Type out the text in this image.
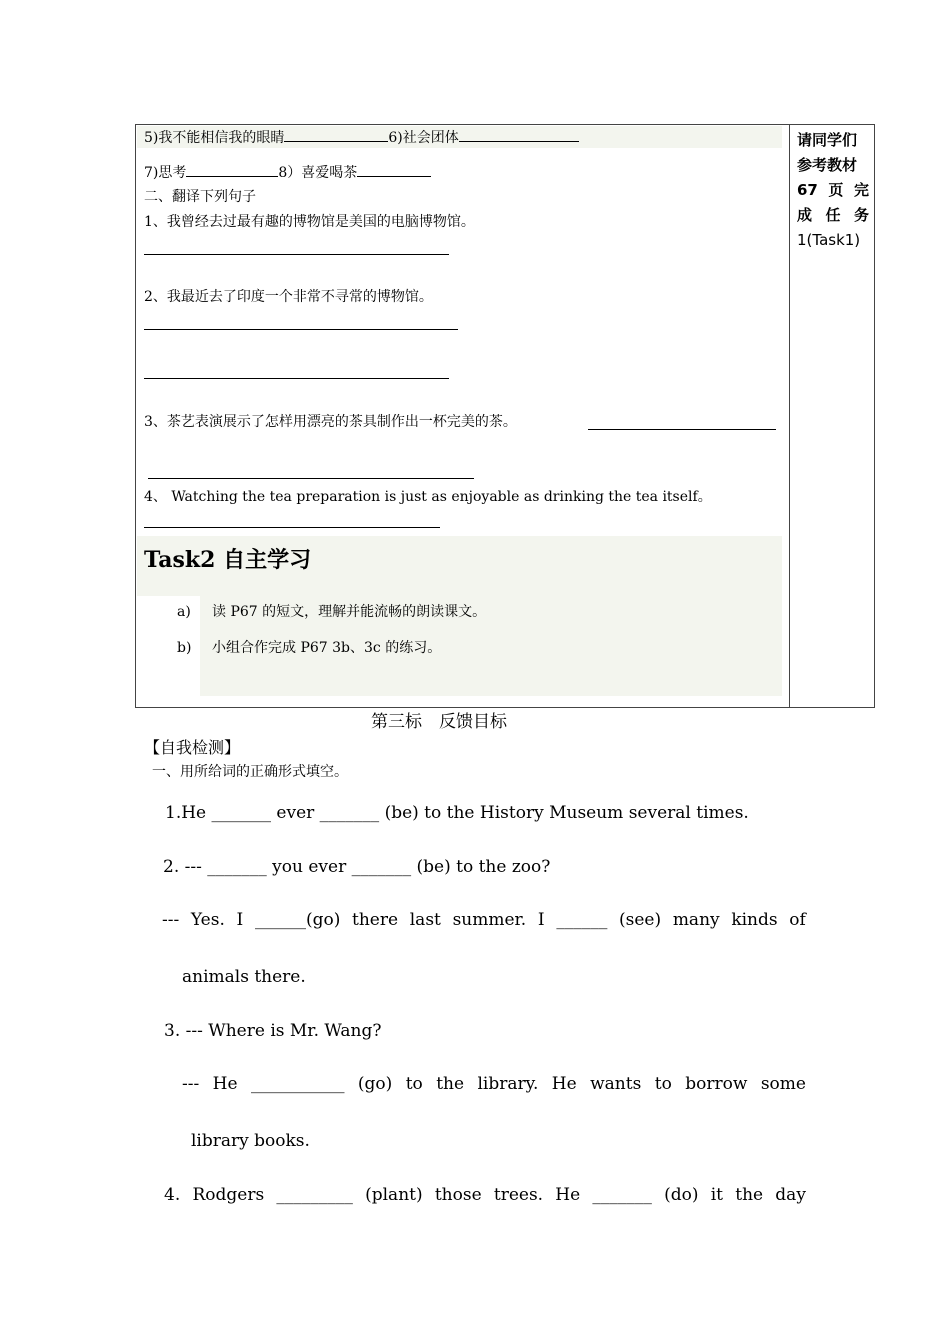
5)我不能相信我的眼睛	6)社会团体
7)思考	8）喜爱喝茶
二、翻译下列句子
1、我曾经去过最有趣的博物馆是美国的电脑博物馆。
2、我最近去了印度一个非常不寻常的博物馆。
3、茶艺表演展示了怎样用漂亮的茶具制作出一杯完美的茶。
4、 Watching the tea preparation is just as enjoyable as drinking the tea itself。
Task2 自主学习
a) 读 P67 的短文，理解并能流畅的朗读课文。
b) 小组合作完成 P67 3b、3c 的练习。
请同学们
参考教材
67 页 完
成 任 务
1(Task1)
第三标　反馈目标
【自我检测】
一、用所给词的正确形式填空。
1.He _______ ever _______ (be) to the History Museum several times.
2. --- _______ you ever _______ (be) to the zoo?
--- Yes. I ______(go) there last summer. I ______ (see) many kinds of
animals there.
3. --- Where is Mr. Wang?
--- He ___________ (go) to the library. He wants to borrow some
library books.
4. Rodgers _________ (plant) those trees. He _______ (do) it the day
